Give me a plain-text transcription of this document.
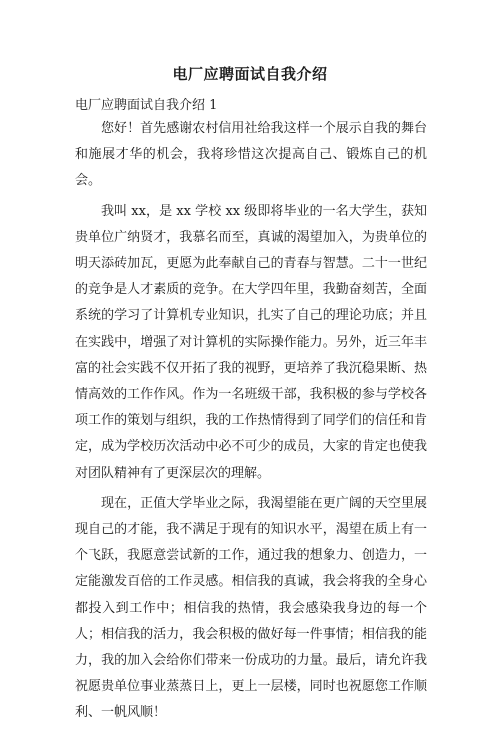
电厂应聘面试自我介绍
电厂应聘面试自我介绍 1

您好！首先感谢农村信用社给我这样一个展示自我的舞台和施展才华的机会，我将珍惜这次提高自己、锻炼自己的机会。

我叫 xx，是 xx 学校 xx 级即将毕业的一名大学生，获知贵单位广纳贤才，我慕名而至，真诚的渴望加入，为贵单位的明天添砖加瓦，更愿为此奉献自己的青春与智慧。二十一世纪的竞争是人才素质的竞争。在大学四年里，我勤奋刻苦，全面系统的学习了计算机专业知识，扎实了自己的理论功底；并且在实践中，增强了对计算机的实际操作能力。另外，近三年丰富的社会实践不仅开拓了我的视野，更培养了我沉稳果断、热情高效的工作作风。作为一名班级干部，我积极的参与学校各项工作的策划与组织，我的工作热情得到了同学们的信任和肯定，成为学校历次活动中必不可少的成员，大家的肯定也使我对团队精神有了更深层次的理解。

现在，正值大学毕业之际，我渴望能在更广阔的天空里展现自己的才能，我不满足于现有的知识水平，渴望在质上有一个飞跃，我愿意尝试新的工作，通过我的想象力、创造力，一定能激发百倍的工作灵感。相信我的真诚，我会将我的全身心都投入到工作中；相信我的热情，我会感染我身边的每一个人；相信我的活力，我会积极的做好每一件事情；相信我的能力，我的加入会给你们带来一份成功的力量。最后，请允许我祝愿贵单位事业蒸蒸日上，更上一层楼，同时也祝愿您工作顺利、一帆风顺！
